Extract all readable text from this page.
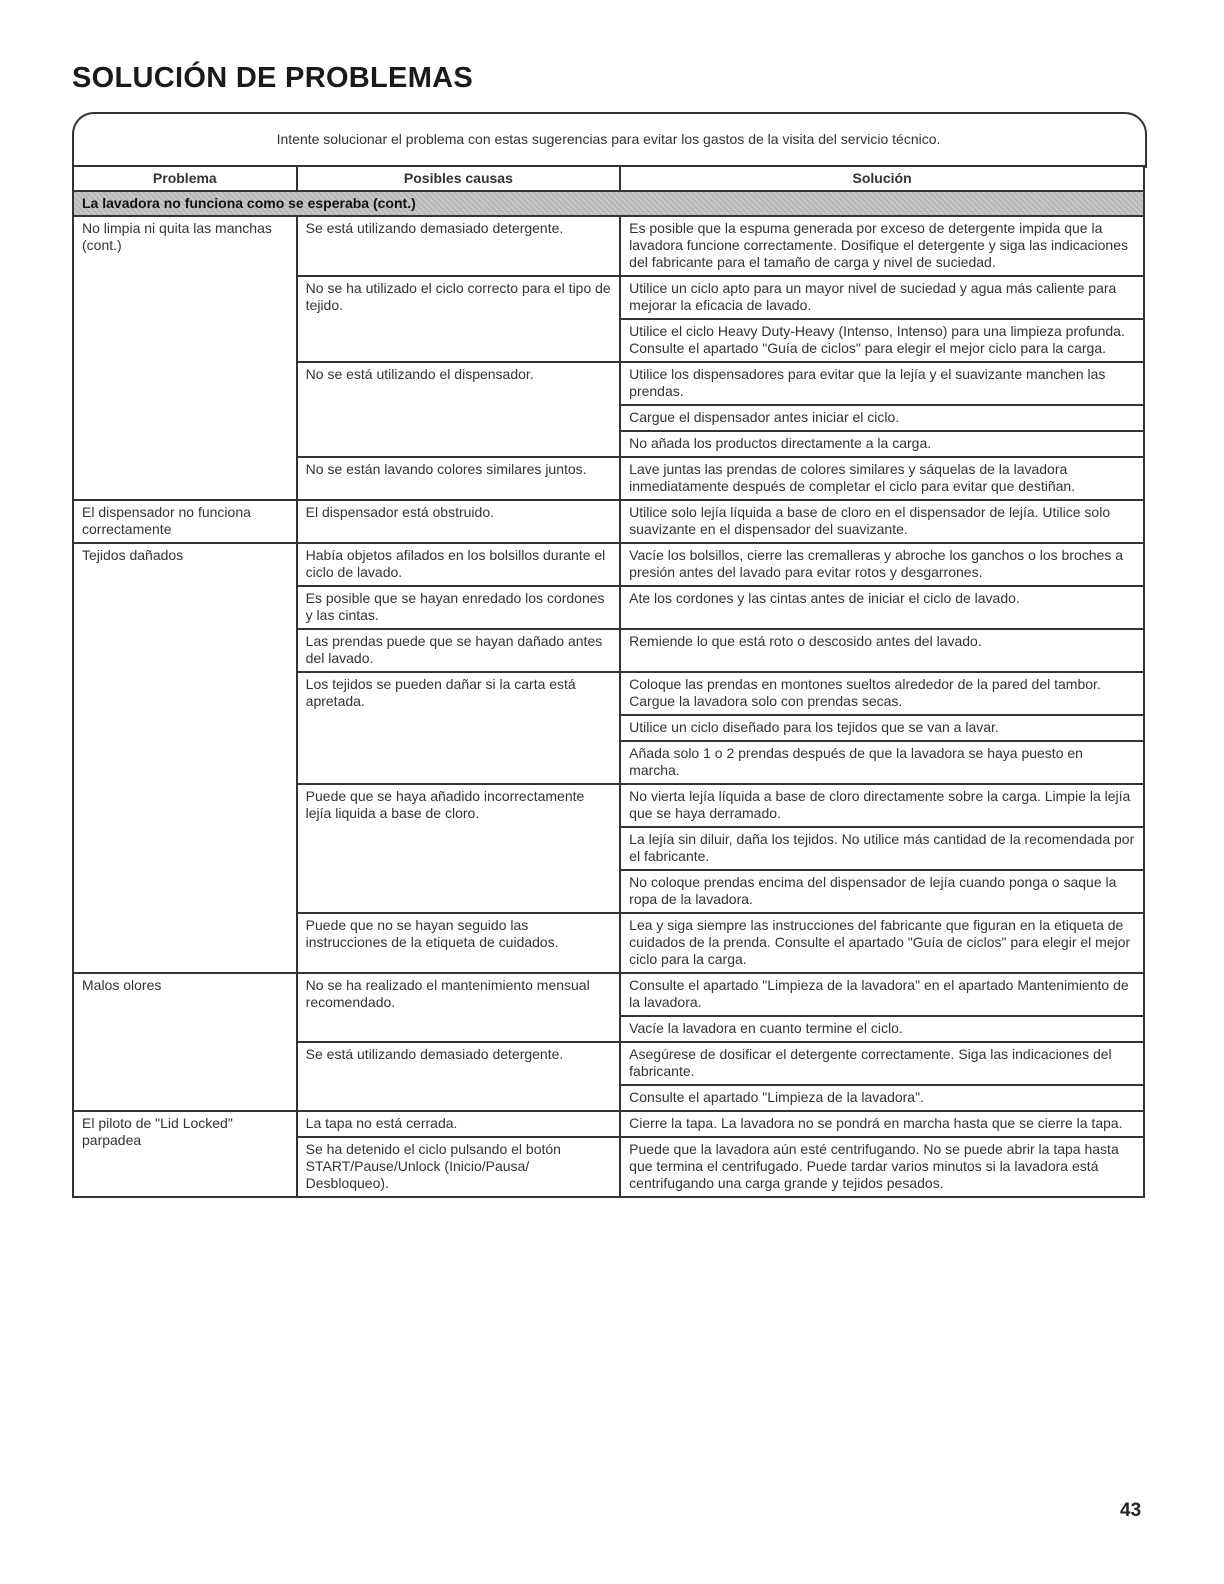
SOLUCIÓN DE PROBLEMAS
Intente solucionar el problema con estas sugerencias para evitar los gastos de la visita del servicio técnico.
Problema	Posibles causas	Solución
La lavadora no funciona como se esperaba (cont.)		
No limpia ni quita las manchas (cont.)	Se está utilizando demasiado detergente.	Es posible que la espuma generada por exceso de detergente impida que la lavadora funcione correctamente. Dosifique el detergente y siga las indicaciones del fabricante para el tamaño de carga y nivel de suciedad.
	No se ha utilizado el ciclo correcto para el tipo de tejido.	Utilice un ciclo apto para un mayor nivel de suciedad y agua más caliente para mejorar la eficacia de lavado.
		Utilice el ciclo Heavy Duty-Heavy (Intenso, Intenso) para una limpieza profunda. Consulte el apartado "Guía de ciclos" para elegir el mejor ciclo para la carga.
	No se está utilizando el dispensador.	Utilice los dispensadores para evitar que la lejía y el suavizante manchen las prendas.
		Cargue el dispensador antes iniciar el ciclo.
		No añada los productos directamente a la carga.
	No se están lavando colores similares juntos.	Lave juntas las prendas de colores similares y sáquelas de la lavadora inmediatamente después de completar el ciclo para evitar que destiñan.
El dispensador no funciona correctamente	El dispensador está obstruido.	Utilice solo lejía líquida a base de cloro en el dispensador de lejía. Utilice solo suavizante en el dispensador del suavizante.
Tejidos dañados	Había objetos afilados en los bolsillos durante el ciclo de lavado.	Vacíe los bolsillos, cierre las cremalleras y abroche los ganchos o los broches a presión antes del lavado para evitar rotos y desgarrones.
	Es posible que se hayan enredado los cordones y las cintas.	Ate los cordones y las cintas antes de iniciar el ciclo de lavado.
	Las prendas puede que se hayan dañado antes del lavado.	Remiende lo que está roto o descosido antes del lavado.
	Los tejidos se pueden dañar si la carta está apretada.	Coloque las prendas en montones sueltos alrededor de la pared del tambor. Cargue la lavadora solo con prendas secas.
		Utilice un ciclo diseñado para los tejidos que se van a lavar.
		Añada solo 1 o 2 prendas después de que la lavadora se haya puesto en marcha.
	Puede que se haya añadido incorrectamente lejía liquida a base de cloro.	No vierta lejía líquida a base de cloro directamente sobre la carga. Limpie la lejía que se haya derramado.
		La lejía sin diluir, daña los tejidos. No utilice más cantidad de la recomendada por el fabricante.
		No coloque prendas encima del dispensador de lejía cuando ponga o saque la ropa de la lavadora.
	Puede que no se hayan seguido las instrucciones de la etiqueta de cuidados.	Lea y siga siempre las instrucciones del fabricante que figuran en la etiqueta de cuidados de la prenda. Consulte el apartado "Guía de ciclos" para elegir el mejor ciclo para la carga.
Malos olores	No se ha realizado el mantenimiento mensual recomendado.	Consulte el apartado "Limpieza de la lavadora" en el apartado Mantenimiento de la lavadora.
		Vacíe la lavadora en cuanto termine el ciclo.
	Se está utilizando demasiado detergente.	Asegúrese de dosificar el detergente correctamente. Siga las indicaciones del fabricante.
		Consulte el apartado "Limpieza de la lavadora".
El piloto de "Lid Locked" parpadea	La tapa no está cerrada.	Cierre la tapa. La lavadora no se pondrá en marcha hasta que se cierre la tapa.
	Se ha detenido el ciclo pulsando el botón START/Pause/Unlock (Inicio/Pausa/ Desbloqueo).	Puede que la lavadora aún esté centrifugando. No se puede abrir la tapa hasta que termina el centrifugado. Puede tardar varios minutos si la lavadora está centrifugando una carga grande y tejidos pesados.
43
